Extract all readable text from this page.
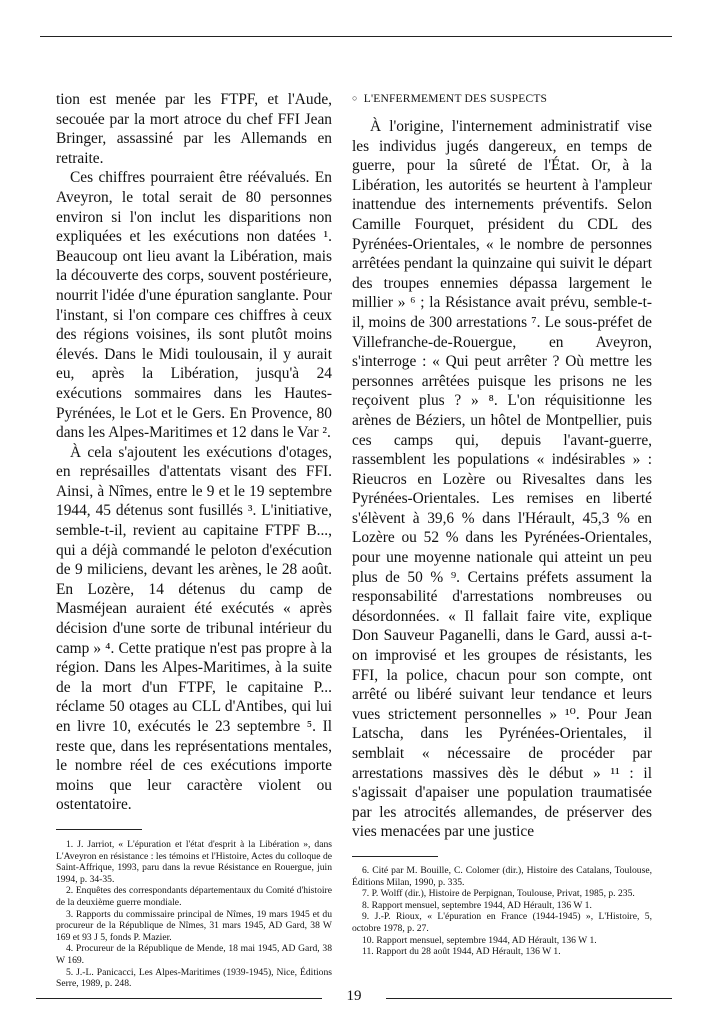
tion est menée par les FTPF, et l'Aude, secouée par la mort atroce du chef FFI Jean Bringer, assassiné par les Allemands en retraite.

Ces chiffres pourraient être réévalués. En Aveyron, le total serait de 80 personnes environ si l'on inclut les disparitions non expliquées et les exécutions non datées ¹. Beaucoup ont lieu avant la Libération, mais la découverte des corps, souvent postérieure, nourrit l'idée d'une épuration sanglante. Pour l'instant, si l'on compare ces chiffres à ceux des régions voisines, ils sont plutôt moins élevés. Dans le Midi toulousain, il y aurait eu, après la Libération, jusqu'à 24 exécutions sommaires dans les Hautes-Pyrénées, le Lot et le Gers. En Provence, 80 dans les Alpes-Maritimes et 12 dans le Var ².

À cela s'ajoutent les exécutions d'otages, en représailles d'attentats visant des FFI. Ainsi, à Nîmes, entre le 9 et le 19 septembre 1944, 45 détenus sont fusillés ³. L'initiative, semble-t-il, revient au capitaine FTPF B..., qui a déjà commandé le peloton d'exécution de 9 miliciens, devant les arènes, le 28 août. En Lozère, 14 détenus du camp de Masméjean auraient été exécutés « après décision d'une sorte de tribunal intérieur du camp » ⁴. Cette pratique n'est pas propre à la région. Dans les Alpes-Maritimes, à la suite de la mort d'un FTPF, le capitaine P... réclame 50 otages au CLL d'Antibes, qui lui en livre 10, exécutés le 23 septembre ⁵. Il reste que, dans les représentations mentales, le nombre réel de ces exécutions importe moins que leur caractère violent ou ostentatoire.

1. J. Jarriot, « L'épuration et l'état d'esprit à la Libération », dans L'Aveyron en résistance : les témoins et l'Histoire, Actes du colloque de Saint-Affrique, 1993, paru dans la revue Résistance en Rouergue, juin 1994, p. 34-35.

2. Enquêtes des correspondants départementaux du Comité d'histoire de la deuxième guerre mondiale.

3. Rapports du commissaire principal de Nîmes, 19 mars 1945 et du procureur de la République de Nîmes, 31 mars 1945, AD Gard, 38 W 169 et 93 J 5, fonds P. Mazier.

4. Procureur de la République de Mende, 18 mai 1945, AD Gard, 38 W 169.

5. J.-L. Panicacci, Les Alpes-Maritimes (1939-1945), Nice, Éditions Serre, 1989, p. 248.

○ L'ENFERMEMENT DES SUSPECTS

À l'origine, l'internement administratif vise les individus jugés dangereux, en temps de guerre, pour la sûreté de l'État. Or, à la Libération, les autorités se heurtent à l'ampleur inattendue des internements préventifs. Selon Camille Fourquet, président du CDL des Pyrénées-Orientales, « le nombre de personnes arrêtées pendant la quinzaine qui suivit le départ des troupes ennemies dépassa largement le millier » ⁶ ; la Résistance avait prévu, semble-t-il, moins de 300 arrestations ⁷. Le sous-préfet de Villefranche-de-Rouergue, en Aveyron, s'interroge : « Qui peut arrêter ? Où mettre les personnes arrêtées puisque les prisons ne les reçoivent plus ? » ⁸. L'on réquisitionne les arènes de Béziers, un hôtel de Montpellier, puis ces camps qui, depuis l'avant-guerre, rassemblent les populations « indésirables » : Rieucros en Lozère ou Rivesaltes dans les Pyrénées-Orientales. Les remises en liberté s'élèvent à 39,6 % dans l'Hérault, 45,3 % en Lozère ou 52 % dans les Pyrénées-Orientales, pour une moyenne nationale qui atteint un peu plus de 50 % ⁹. Certains préfets assument la responsabilité d'arrestations nombreuses ou désordonnées. « Il fallait faire vite, explique Don Sauveur Paganelli, dans le Gard, aussi a-t-on improvisé et les groupes de résistants, les FFI, la police, chacun pour son compte, ont arrêté ou libéré suivant leur tendance et leurs vues strictement personnelles » ¹⁰. Pour Jean Latscha, dans les Pyrénées-Orientales, il semblait « nécessaire de procéder par arrestations massives dès le début » ¹¹ : il s'agissait d'apaiser une population traumatisée par les atrocités allemandes, de préserver des vies menacées par une justice

6. Cité par M. Bouille, C. Colomer (dir.), Histoire des Catalans, Toulouse, Éditions Milan, 1990, p. 335.

7. P. Wolff (dir.), Histoire de Perpignan, Toulouse, Privat, 1985, p. 235.

8. Rapport mensuel, septembre 1944, AD Hérault, 136 W 1.

9. J.-P. Rioux, « L'épuration en France (1944-1945) », L'Histoire, 5, octobre 1978, p. 27.

10. Rapport mensuel, septembre 1944, AD Hérault, 136 W 1.

11. Rapport du 28 août 1944, AD Hérault, 136 W 1.

19
